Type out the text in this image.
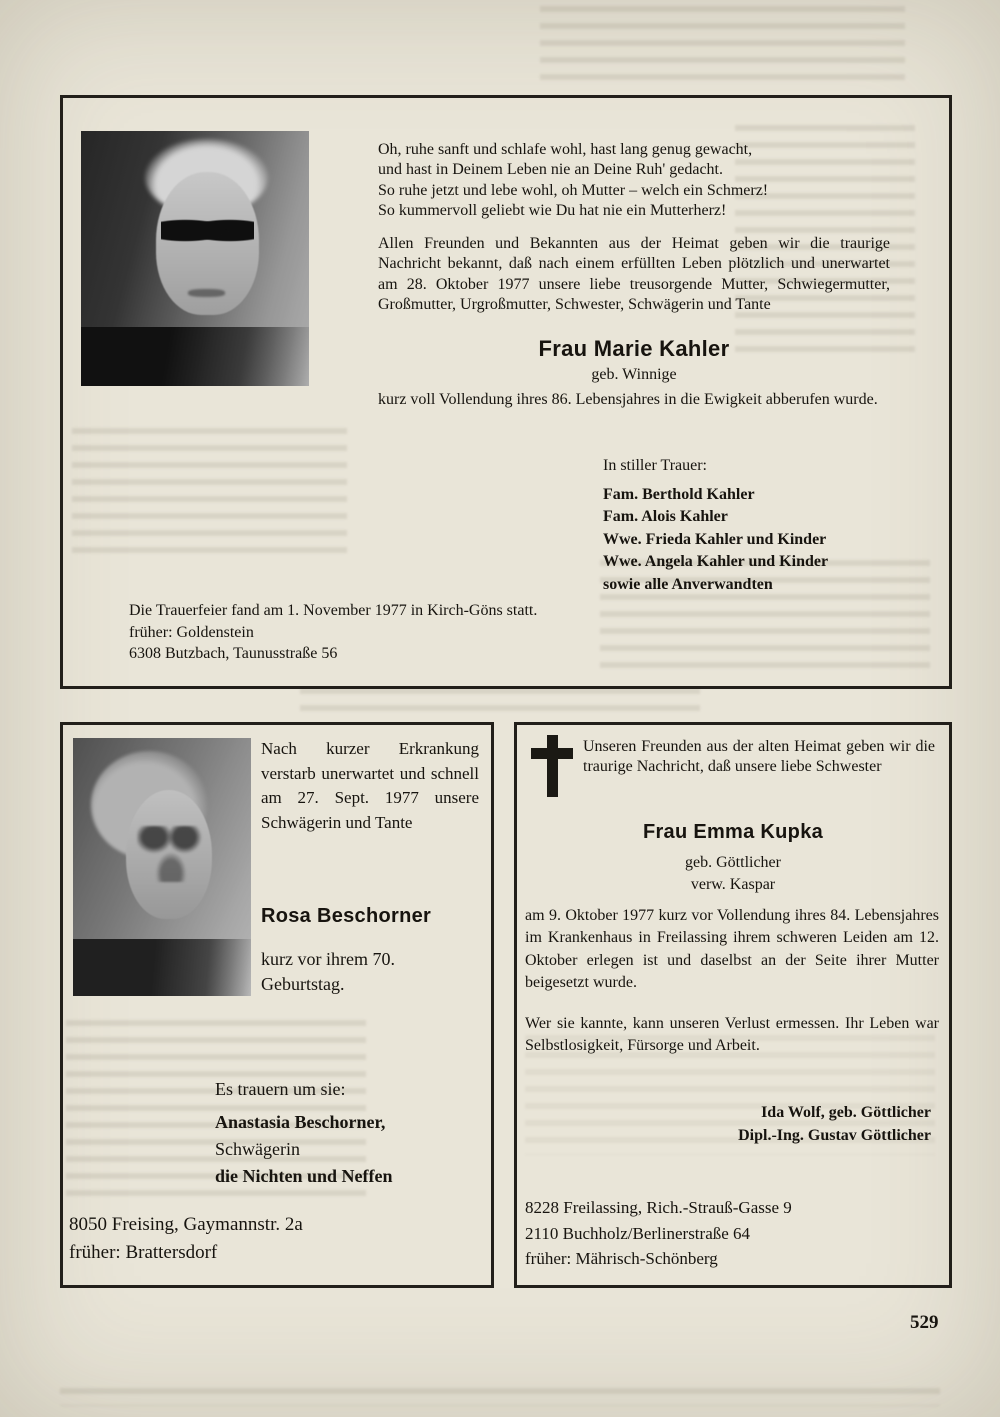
Oh, ruhe sanft und schlafe wohl, hast lang genug gewacht,
und hast in Deinem Leben nie an Deine Ruh' gedacht.
So ruhe jetzt und lebe wohl, oh Mutter – welch ein Schmerz!
So kummervoll geliebt wie Du hat nie ein Mutterherz!

Allen Freunden und Bekannten aus der Heimat geben wir die traurige Nachricht bekannt, daß nach einem erfüllten Leben plötzlich und unerwartet am 28. Oktober 1977 unsere liebe treusorgende Mutter, Schwiegermutter, Großmutter, Urgroßmutter, Schwester, Schwägerin und Tante

Frau Marie Kahler
geb. Winnige

kurz voll Vollendung ihres 86. Lebensjahres in die Ewigkeit abberufen wurde.

In stiller Trauer:
Fam. Berthold Kahler
Fam. Alois Kahler
Wwe. Frieda Kahler und Kinder
Wwe. Angela Kahler und Kinder
sowie alle Anverwandten
Die Trauerfeier fand am 1. November 1977 in Kirch-Göns statt.
früher: Goldenstein
6308 Butzbach, Taunusstraße 56

Nach kurzer Erkrankung verstarb unerwartet und schnell am 27. Sept. 1977 unsere Schwägerin und Tante

Rosa Beschorner

kurz vor ihrem 70. Geburtstag.

Es trauern um sie:
Anastasia Beschorner,
Schwägerin
die Nichten und Neffen
8050 Freising, Gaymannstr. 2a
früher: Brattersdorf

Unseren Freunden aus der alten Heimat geben wir die traurige Nachricht, daß unsere liebe Schwester

Frau Emma Kupka
geb. Göttlicher
verw. Kaspar

am 9. Oktober 1977 kurz vor Vollendung ihres 84. Lebensjahres im Krankenhaus in Freilassing ihrem schweren Leiden am 12. Oktober erlegen ist und daselbst an der Seite ihrer Mutter beigesetzt wurde.

Wer sie kannte, kann unseren Verlust ermessen. Ihr Leben war Selbstlosigkeit, Fürsorge und Arbeit.

Ida Wolf, geb. Göttlicher
Dipl.-Ing. Gustav Göttlicher
8228 Freilassing, Rich.-Strauß-Gasse 9
2110 Buchholz/Berlinerstraße 64
früher: Mährisch-Schönberg
529
